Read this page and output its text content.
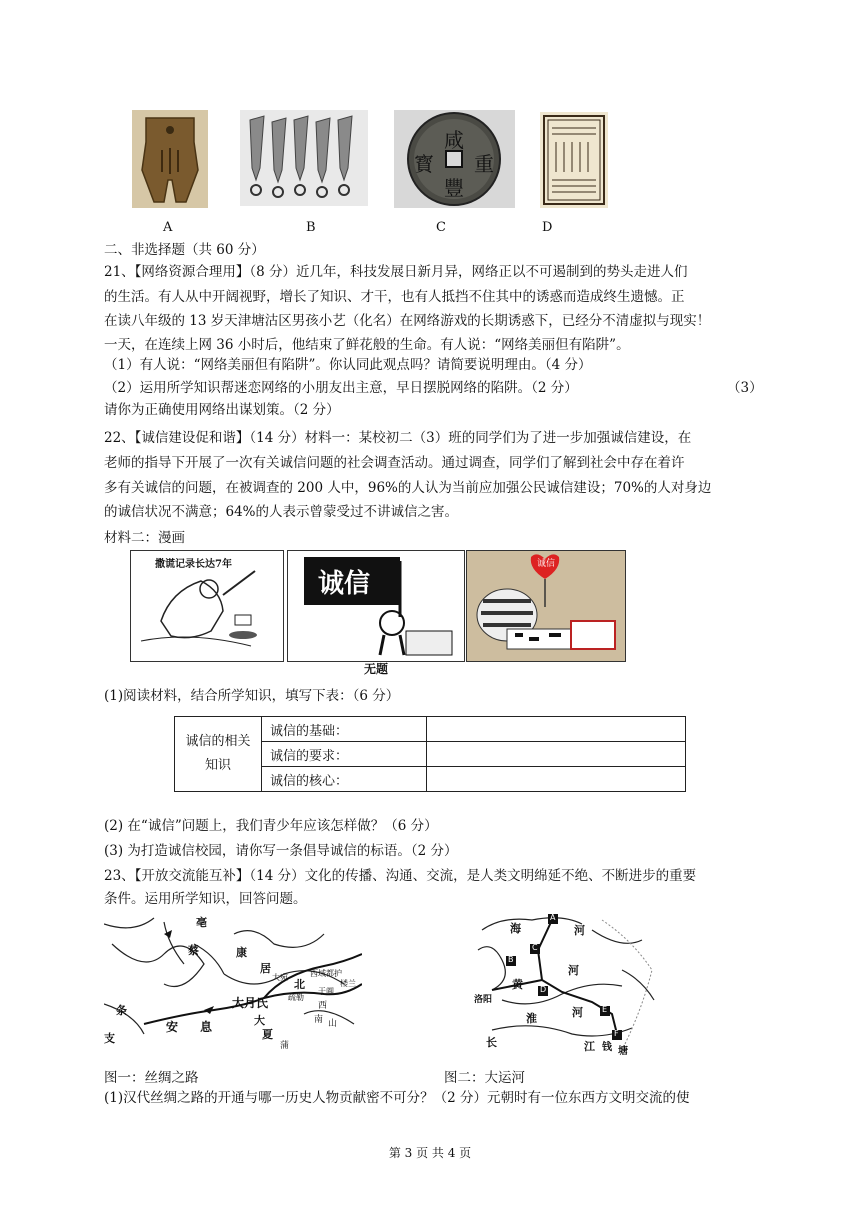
咸
重
豐
寳
A	B	C	D
二、非选择题（共 60 分）
21、【网络资源合理用】（8 分）近几年，科技发展日新月异，网络正以不可遏制到的势头走进人们
的生活。有人从中开阔视野，增长了知识、才干，也有人抵挡不住其中的诱惑而造成终生遗憾。正
在读八年级的 13 岁天津塘沽区男孩小艺（化名）在网络游戏的长期诱惑下，已经分不清虚拟与现实！
一天，在连续上网 36 小时后，他结束了鲜花般的生命。有人说：“网络美丽但有陷阱”。
（1）有人说：“网络美丽但有陷阱”。你认同此观点吗？请简要说明理由。（4 分）
（2）运用所学知识帮迷恋网络的小朋友出主意，早日摆脱网络的陷阱。（2 分）	（3）
请你为正确使用网络出谋划策。（2 分）
22、【诚信建设促和谐】（14 分）材料一：某校初二（3）班的同学们为了进一步加强诚信建设，在
老师的指导下开展了一次有关诚信问题的社会调查活动。通过调查，同学们了解到社会中存在着许
多有关诚信的问题，在被调查的 200 人中，96%的人认为当前应加强公民诚信建设；70%的人对身边
的诚信状况不满意；64%的人表示曾蒙受过不讲诚信之害。
材料二：漫画
撒谎记录长达7年
诚信
无题
诚信
(1)阅读材料，结合所学知识，填写下表：（6 分）
诚信的相关知识	诚信的基础：	
	诚信的要求：	
	诚信的核心：	
(2) 在“诚信”问题上，我们青少年应该怎样做？（6 分）
(3) 为打造诚信校园，请你写一条倡导诚信的标语。（2 分）
23、【开放交流能互补】（14 分）文化的传播、沟通、交流，是人类文明绵延不绝、不断进步的重要
条件。运用所学知识，回答问题。
亳
蔡	康
居
大宛
北
西域都护
疏勒
楼兰
大月氏
大
夏
安 息	南 山
条
支
西
于阗
蒲
海	河
黄
河
淮	河
洛阳
长	江 钱 塘
A
B
C
D
E
F
图一：丝绸之路	图二：大运河
(1)汉代丝绸之路的开通与哪一历史人物贡献密不可分？（2 分）元朝时有一位东西方文明交流的使
第 3 页 共 4 页
